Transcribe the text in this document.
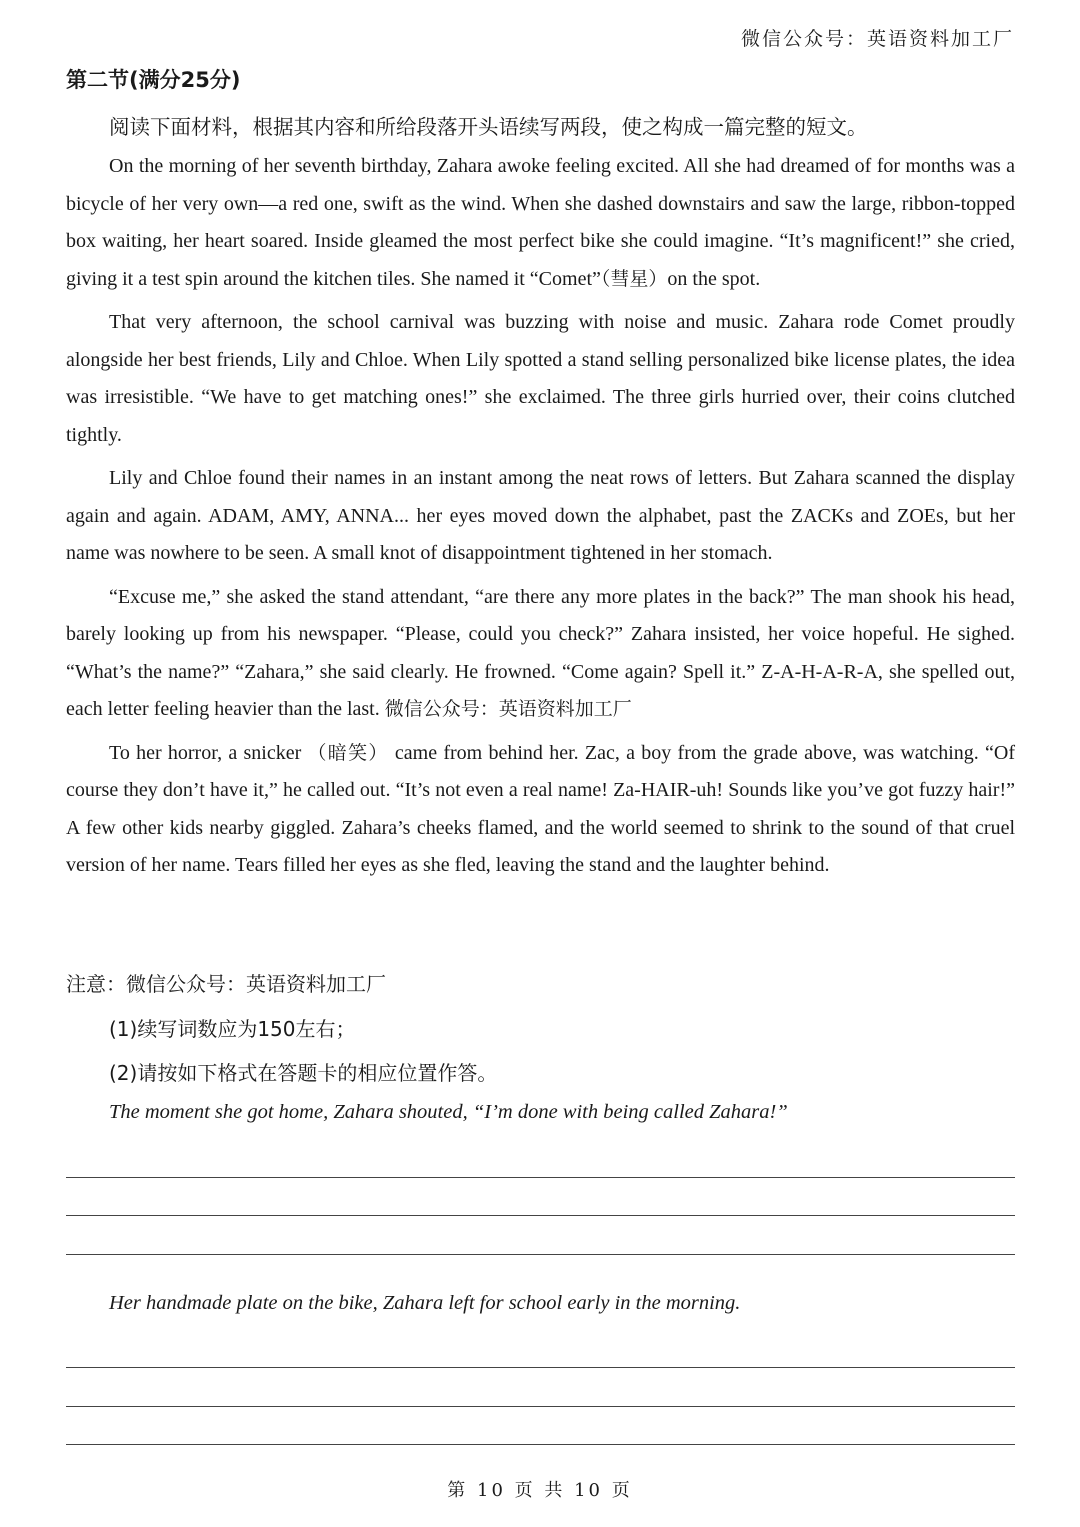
微信公众号：英语资料加工厂
第二节(满分25分)
阅读下面材料，根据其内容和所给段落开头语续写两段，使之构成一篇完整的短文。

On the morning of her seventh birthday, Zahara awoke feeling excited. All she had dreamed of for months was a bicycle of her very own—a red one, swift as the wind. When she dashed downstairs and saw the large, ribbon-topped box waiting, her heart soared. Inside gleamed the most perfect bike she could imagine. “It’s magnificent!” she cried, giving it a test spin around the kitchen tiles. She named it “Comet”（彗星）on the spot.

That very afternoon, the school carnival was buzzing with noise and music. Zahara rode Comet proudly alongside her best friends, Lily and Chloe. When Lily spotted a stand selling personalized bike license plates, the idea was irresistible. “We have to get matching ones!” she exclaimed. The three girls hurried over, their coins clutched tightly.

Lily and Chloe found their names in an instant among the neat rows of letters. But Zahara scanned the display again and again. ADAM, AMY, ANNA... her eyes moved down the alphabet, past the ZACKs and ZOEs, but her name was nowhere to be seen. A small knot of disappointment tightened in her stomach.

“Excuse me,” she asked the stand attendant, “are there any more plates in the back?” The man shook his head, barely looking up from his newspaper. “Please, could you check?” Zahara insisted, her voice hopeful. He sighed. “What’s the name?” “Zahara,” she said clearly. He frowned. “Come again? Spell it.” Z-A-H-A-R-A, she spelled out, each letter feeling heavier than the last. 微信公众号：英语资料加工厂

To her horror, a snicker （暗笑） came from behind her. Zac, a boy from the grade above, was watching. “Of course they don’t have it,” he called out. “It’s not even a real name! Za-HAIR-uh! Sounds like you’ve got fuzzy hair!” A few other kids nearby giggled. Zahara’s cheeks flamed, and the world seemed to shrink to the sound of that cruel version of her name. Tears filled her eyes as she fled, leaving the stand and the laughter behind.

注意：微信公众号：英语资料加工厂
(1)续写词数应为150左右；
(2)请按如下格式在答题卡的相应位置作答。
The moment she got home, Zahara shouted, “I’m done with being called Zahara!”
Her handmade plate on the bike, Zahara left for school early in the morning.
第 10 页 共 10 页
